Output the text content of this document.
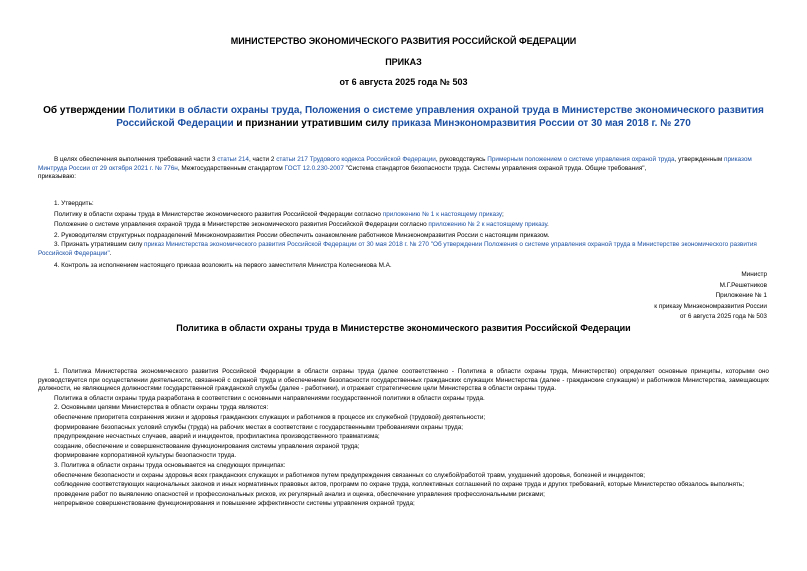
МИНИСТЕРСТВО ЭКОНОМИЧЕСКОГО РАЗВИТИЯ РОССИЙСКОЙ ФЕДЕРАЦИИ
ПРИКАЗ
от 6 августа 2025 года № 503
Об утверждении Политики в области охраны труда, Положения о системе управления охраной труда в Министерстве экономического развития Российской Федерации и признании утратившим силу приказа Минэкономразвития России от 30 мая 2018 г. № 270

В целях обеспечения выполнения требований части 3 статьи 214, части 2 статьи 217 Трудового кодекса Российской Федерации, руководствуясь Примерным положением о системе управления охраной труда, утвержденным приказом Минтруда России от 29 октября 2021 г. № 776н, Межгосударственным стандартом ГОСТ 12.0.230-2007 "Система стандартов безопасности труда. Системы управления охраной труда. Общие требования",

приказываю:

1. Утвердить:

Политику в области охраны труда в Министерстве экономического развития Российской Федерации согласно приложению № 1 к настоящему приказу;

Положение о системе управления охраной труда в Министерстве экономического развития Российской Федерации согласно приложению № 2 к настоящему приказу.

2. Руководителям структурных подразделений Минэкономразвития России обеспечить ознакомление работников Минэкономразвития России с настоящим приказом.

3. Признать утратившим силу приказ Министерства экономического развития Российской Федерации от 30 мая 2018 г. № 270 "Об утверждении Положения о системе управления охраной труда в Министерстве экономического развития Российской Федерации".

4. Контроль за исполнением настоящего приказа возложить на первого заместителя Министра Колесникова М.А.

Министр
М.Г.Решетников
Приложение № 1
к приказу Минэкономразвития России
от 6 августа 2025 года № 503
Политика в области охраны труда в Министерстве экономического развития Российской Федерации

1. Политика Министерства экономического развития Российской Федерации в области охраны труда (далее соответственно - Политика в области охраны труда, Министерство) определяет основные принципы, которыми оно руководствуется при осуществлении деятельности, связанной с охраной труда и обеспечением безопасности государственных гражданских служащих Министерства (далее - гражданские служащие) и работников Министерства, замещающих должности, не являющиеся должностями государственной гражданской службы (далее - работники), и отражает стратегические цели Министерства в области охраны труда.

Политика в области охраны труда разработана в соответствии с основными направлениями государственной политики в области охраны труда.

2. Основными целями Министерства в области охраны труда являются:

обеспечение приоритета сохранения жизни и здоровья гражданских служащих и работников в процессе их служебной (трудовой) деятельности;

формирование безопасных условий службы (труда) на рабочих местах в соответствии с государственными требованиями охраны труда;

предупреждение несчастных случаев, аварий и инцидентов, профилактика производственного травматизма;

создание, обеспечение и совершенствование функционирования системы управления охраной труда;

формирование корпоративной культуры безопасности труда.

3. Политика в области охраны труда основывается на следующих принципах:

обеспечение безопасности и охраны здоровья всех гражданских служащих и работников путем предупреждения связанных со службой/работой травм, ухудшений здоровья, болезней и инцидентов;

соблюдение соответствующих национальных законов и иных нормативных правовых актов, программ по охране труда, коллективных соглашений по охране труда и других требований, которые Министерство обязалось выполнять;

проведение работ по выявлению опасностей и профессиональных рисков, их регулярный анализ и оценка, обеспечение управления профессиональными рисками;

непрерывное совершенствование функционирования и повышение эффективности системы управления охраной труда;
